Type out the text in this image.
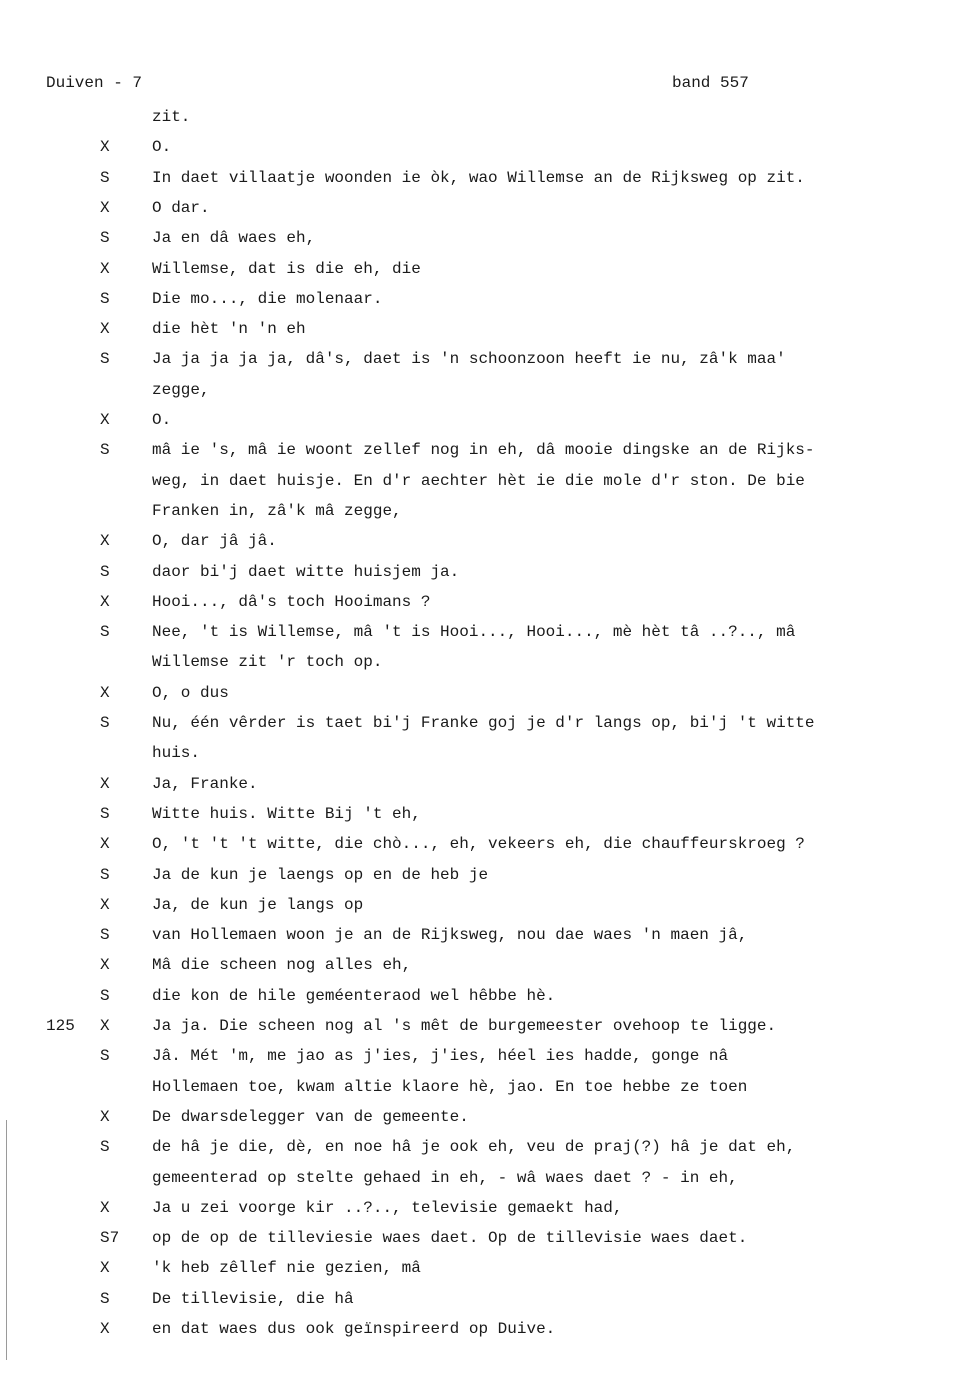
Duiven - 7	band 557
zit.
X	O.
S	In daet villaatje woonden ie òk, wao Willemse an de Rijksweg op zit.
X	O dar.
S	Ja en dâ waes eh,
X	Willemse, dat is die eh, die
S	Die mo..., die molenaar.
X	die hèt 'n 'n eh
S	Ja ja ja ja ja, dâ's, daet is 'n schoonzoon heeft ie nu, zâ'k maa'
zegge,
X	O.
S	mâ ie 's, mâ ie woont zellef nog in eh, dâ mooie dingske an de Rijks-
weg, in daet huisje. En d'r aechter hèt ie die mole d'r ston. De bie
Franken in, zâ'k mâ zegge,
X	O, dar jâ jâ.
S	daor bi'j daet witte huisjem ja.
X	Hooi..., dâ's toch Hooimans ?
S	Nee, 't is Willemse, mâ 't is Hooi..., Hooi..., mè hèt tâ ..?.., mâ
Willemse zit 'r toch op.
X	O, o dus
S	Nu, één vêrder is taet bi'j Franke goj je d'r langs op, bi'j 't witte
huis.
X	Ja, Franke.
S	Witte huis. Witte Bij 't eh,
X	O, 't 't 't witte, die chò..., eh, vekeers eh, die chauffeurskroeg ?
S	Ja de kun je laengs op en de heb je
X	Ja, de kun je langs op
S	van Hollemaen woon je an de Rijksweg, nou dae waes 'n maen jâ,
X	Mâ die scheen nog alles eh,
S	die kon de hile geméenteraod wel hêbbe hè.
125	X	Ja ja. Die scheen nog al 's mêt de burgemeester ovehoop te ligge.
S	Jâ. Mét 'm, me jao as j'ies, j'ies, héel ies hadde, gonge nâ
Hollemaen toe, kwam altie klaore hè, jao. En toe hebbe ze toen
X	De dwarsdelegger van de gemeente.
S	de hâ je die, dè, en noe hâ je ook eh, veu de praj(?) hâ je dat eh,
gemeenterad op stelte gehaed in eh, - wâ waes daet ? - in eh,
X	Ja u zei voorge kir ..?.., televisie gemaekt had,
S7	op de op de tilleviesie waes daet. Op de tillevisie waes daet.
X	'k heb zêllef nie gezien, mâ
S	De tillevisie, die hâ
X	en dat waes dus ook geïnspireerd op Duive.
